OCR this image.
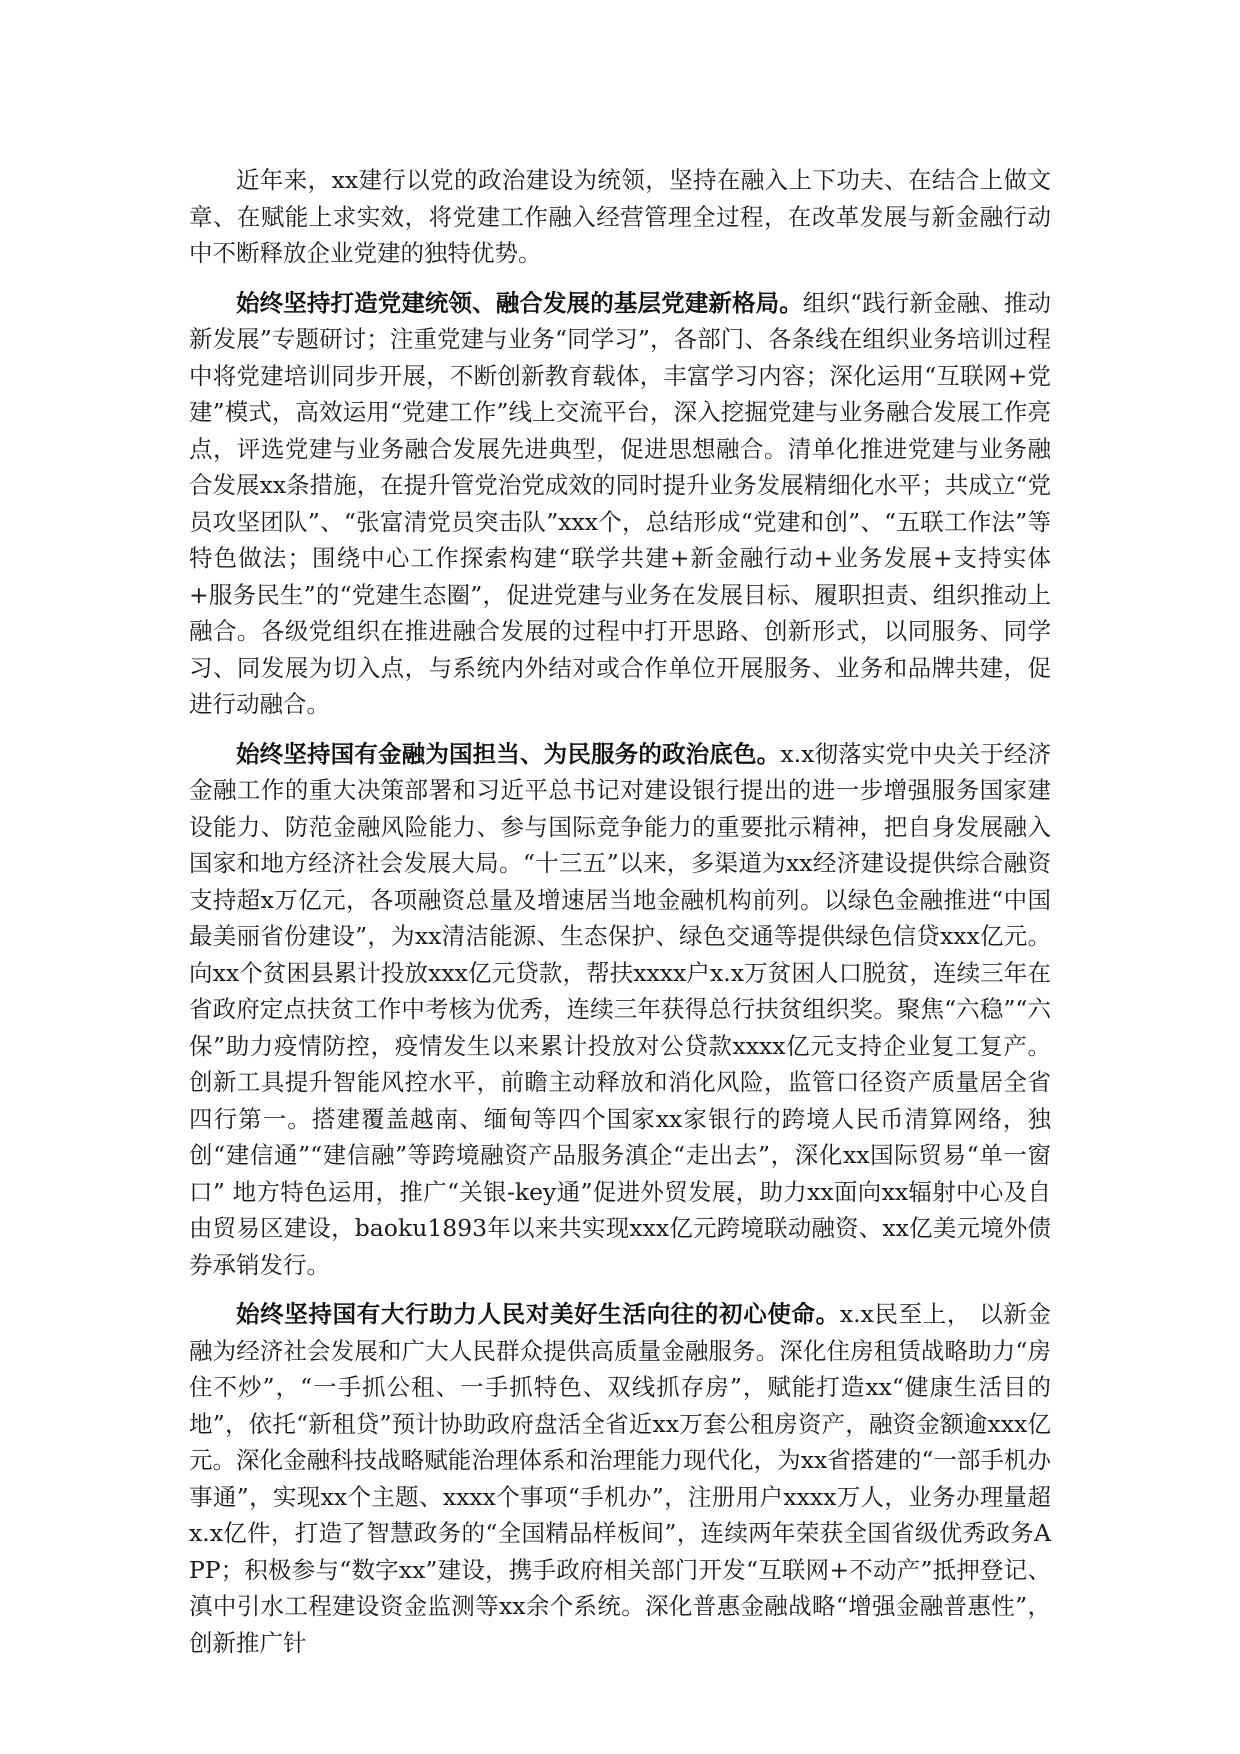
近年来，xx建行以党的政治建设为统领，坚持在融入上下功夫、在结合上做文章、在赋能上求实效，将党建工作融入经营管理全过程，在改革发展与新金融行动中不断释放企业党建的独特优势。

始终坚持打造党建统领、融合发展的基层党建新格局。组织“践行新金融、推动新发展”专题研讨；注重党建与业务“同学习”，各部门、各条线在组织业务培训过程中将党建培训同步开展，不断创新教育载体，丰富学习内容；深化运用“互联网+党建”模式，高效运用“党建工作”线上交流平台，深入挖掘党建与业务融合发展工作亮点，评选党建与业务融合发展先进典型，促进思想融合。清单化推进党建与业务融合发展xx条措施，在提升管党治党成效的同时提升业务发展精细化水平；共成立“党员攻坚团队”、“张富清党员突击队”xxx个，总结形成“党建和创”、“五联工作法”等特色做法；围绕中心工作探索构建“联学共建+新金融行动+业务发展+支持实体+服务民生”的“党建生态圈”，促进党建与业务在发展目标、履职担责、组织推动上融合。各级党组织在推进融合发展的过程中打开思路、创新形式，以同服务、同学习、同发展为切入点，与系统内外结对或合作单位开展服务、业务和品牌共建，促进行动融合。

始终坚持国有金融为国担当、为民服务的政治底色。x.x彻落实党中央关于经济金融工作的重大决策部署和习近平总书记对建设银行提出的进一步增强服务国家建设能力、防范金融风险能力、参与国际竞争能力的重要批示精神，把自身发展融入国家和地方经济社会发展大局。“十三五”以来，多渠道为xx经济建设提供综合融资支持超x万亿元，各项融资总量及增速居当地金融机构前列。以绿色金融推进“中国最美丽省份建设”，为xx清洁能源、生态保护、绿色交通等提供绿色信贷xxx亿元。向xx个贫困县累计投放xxx亿元贷款，帮扶xxxx户x.x万贫困人口脱贫，连续三年在省政府定点扶贫工作中考核为优秀，连续三年获得总行扶贫组织奖。聚焦“六稳”“六保”助力疫情防控，疫情发生以来累计投放对公贷款xxxx亿元支持企业复工复产。创新工具提升智能风控水平，前瞻主动释放和消化风险，监管口径资产质量居全省四行第一。搭建覆盖越南、缅甸等四个国家xx家银行的跨境人民币清算网络，独创“建信通”“建信融”等跨境融资产品服务滇企“走出去”，深化xx国际贸易“单一窗口” 地方特色运用，推广“关银-key通”促进外贸发展，助力xx面向xx辐射中心及自由贸易区建设，baoku1893年以来共实现xxx亿元跨境联动融资、xx亿美元境外债券承销发行。

始终坚持国有大行助力人民对美好生活向往的初心使命。x.x民至上， 以新金融为经济社会发展和广大人民群众提供高质量金融服务。深化住房租赁战略助力“房住不炒”，“一手抓公租、一手抓特色、双线抓存房”，赋能打造xx“健康生活目的地”，依托“新租贷”预计协助政府盘活全省近xx万套公租房资产，融资金额逾xxx亿元。深化金融科技战略赋能治理体系和治理能力现代化，为xx省搭建的“一部手机办事通”，实现xx个主题、xxxx个事项“手机办”，注册用户xxxx万人，业务办理量超x.x亿件，打造了智慧政务的“全国精品样板间”，连续两年荣获全国省级优秀政务APP；积极参与“数字xx”建设，携手政府相关部门开发“互联网+不动产”抵押登记、滇中引水工程建设资金监测等xx余个系统。深化普惠金融战略“增强金融普惠性”，创新推广针
